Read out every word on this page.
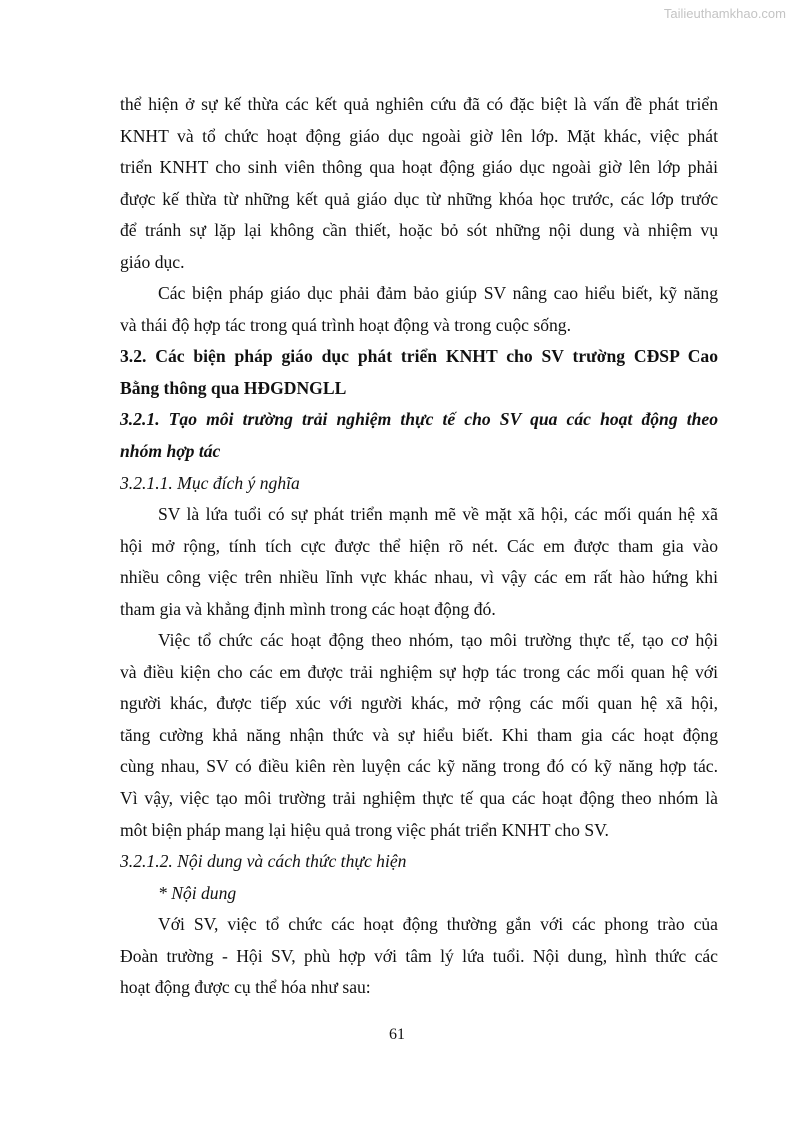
Tailieuthamkhao.com
thể hiện ở sự kế thừa các kết quả nghiên cứu đã có đặc biệt là vấn đề phát triển
KNHT và tổ chức hoạt động giáo dục ngoài giờ lên lớp. Mặt khác, việc phát
triển KNHT cho sinh viên thông qua hoạt động giáo dục ngoài giờ lên lớp phải
được kế thừa từ những kết quả giáo dục từ những khóa học trước, các lớp trước
để tránh sự lặp lại không cần thiết, hoặc bỏ sót những nội dung và nhiệm vụ
giáo dục.
Các biện pháp giáo dục phải đảm bảo giúp SV nâng cao hiểu biết, kỹ năng
và thái độ hợp tác trong quá trình hoạt động và trong cuộc sống.
3.2. Các biện pháp giáo dục phát triển KNHT cho SV trường CĐSP Cao
Bằng thông qua HĐGDNGLL
3.2.1. Tạo môi trường trải nghiệm thực tế cho SV qua các hoạt động theo
nhóm hợp tác
3.2.1.1. Mục đích ý nghĩa
SV là lứa tuổi có sự phát triển mạnh mẽ về mặt xã hội, các mối quán hệ xã
hội mở rộng, tính tích cực được thể hiện rõ nét. Các em được tham gia vào
nhiều công việc trên nhiều lĩnh vực khác nhau, vì vậy các em rất hào hứng khi
tham gia và khẳng định mình trong các hoạt động đó.
Việc tổ chức các hoạt động theo nhóm, tạo môi trường thực tế, tạo cơ hội
và điều kiện cho các em được trải nghiệm sự hợp tác trong các mối quan hệ với
người khác, được tiếp xúc với người khác, mở rộng các mối quan hệ xã hội,
tăng cường khả năng nhận thức và sự hiểu biết. Khi tham gia các hoạt động
cùng nhau, SV có điều kiên rèn luyện các kỹ năng trong đó có kỹ năng hợp tác.
Vì vậy, việc tạo môi trường trải nghiệm thực tế qua các hoạt động theo nhóm là
môt biện pháp mang lại hiệu quả trong việc phát triển KNHT cho SV.
3.2.1.2. Nội dung và cách thức thực hiện
* Nội dung
Với SV, việc tổ chức các hoạt động thường gắn với các phong trào của
Đoàn trường - Hội SV, phù hợp với tâm lý lứa tuổi. Nội dung, hình thức các
hoạt động được cụ thể hóa như sau:
61
